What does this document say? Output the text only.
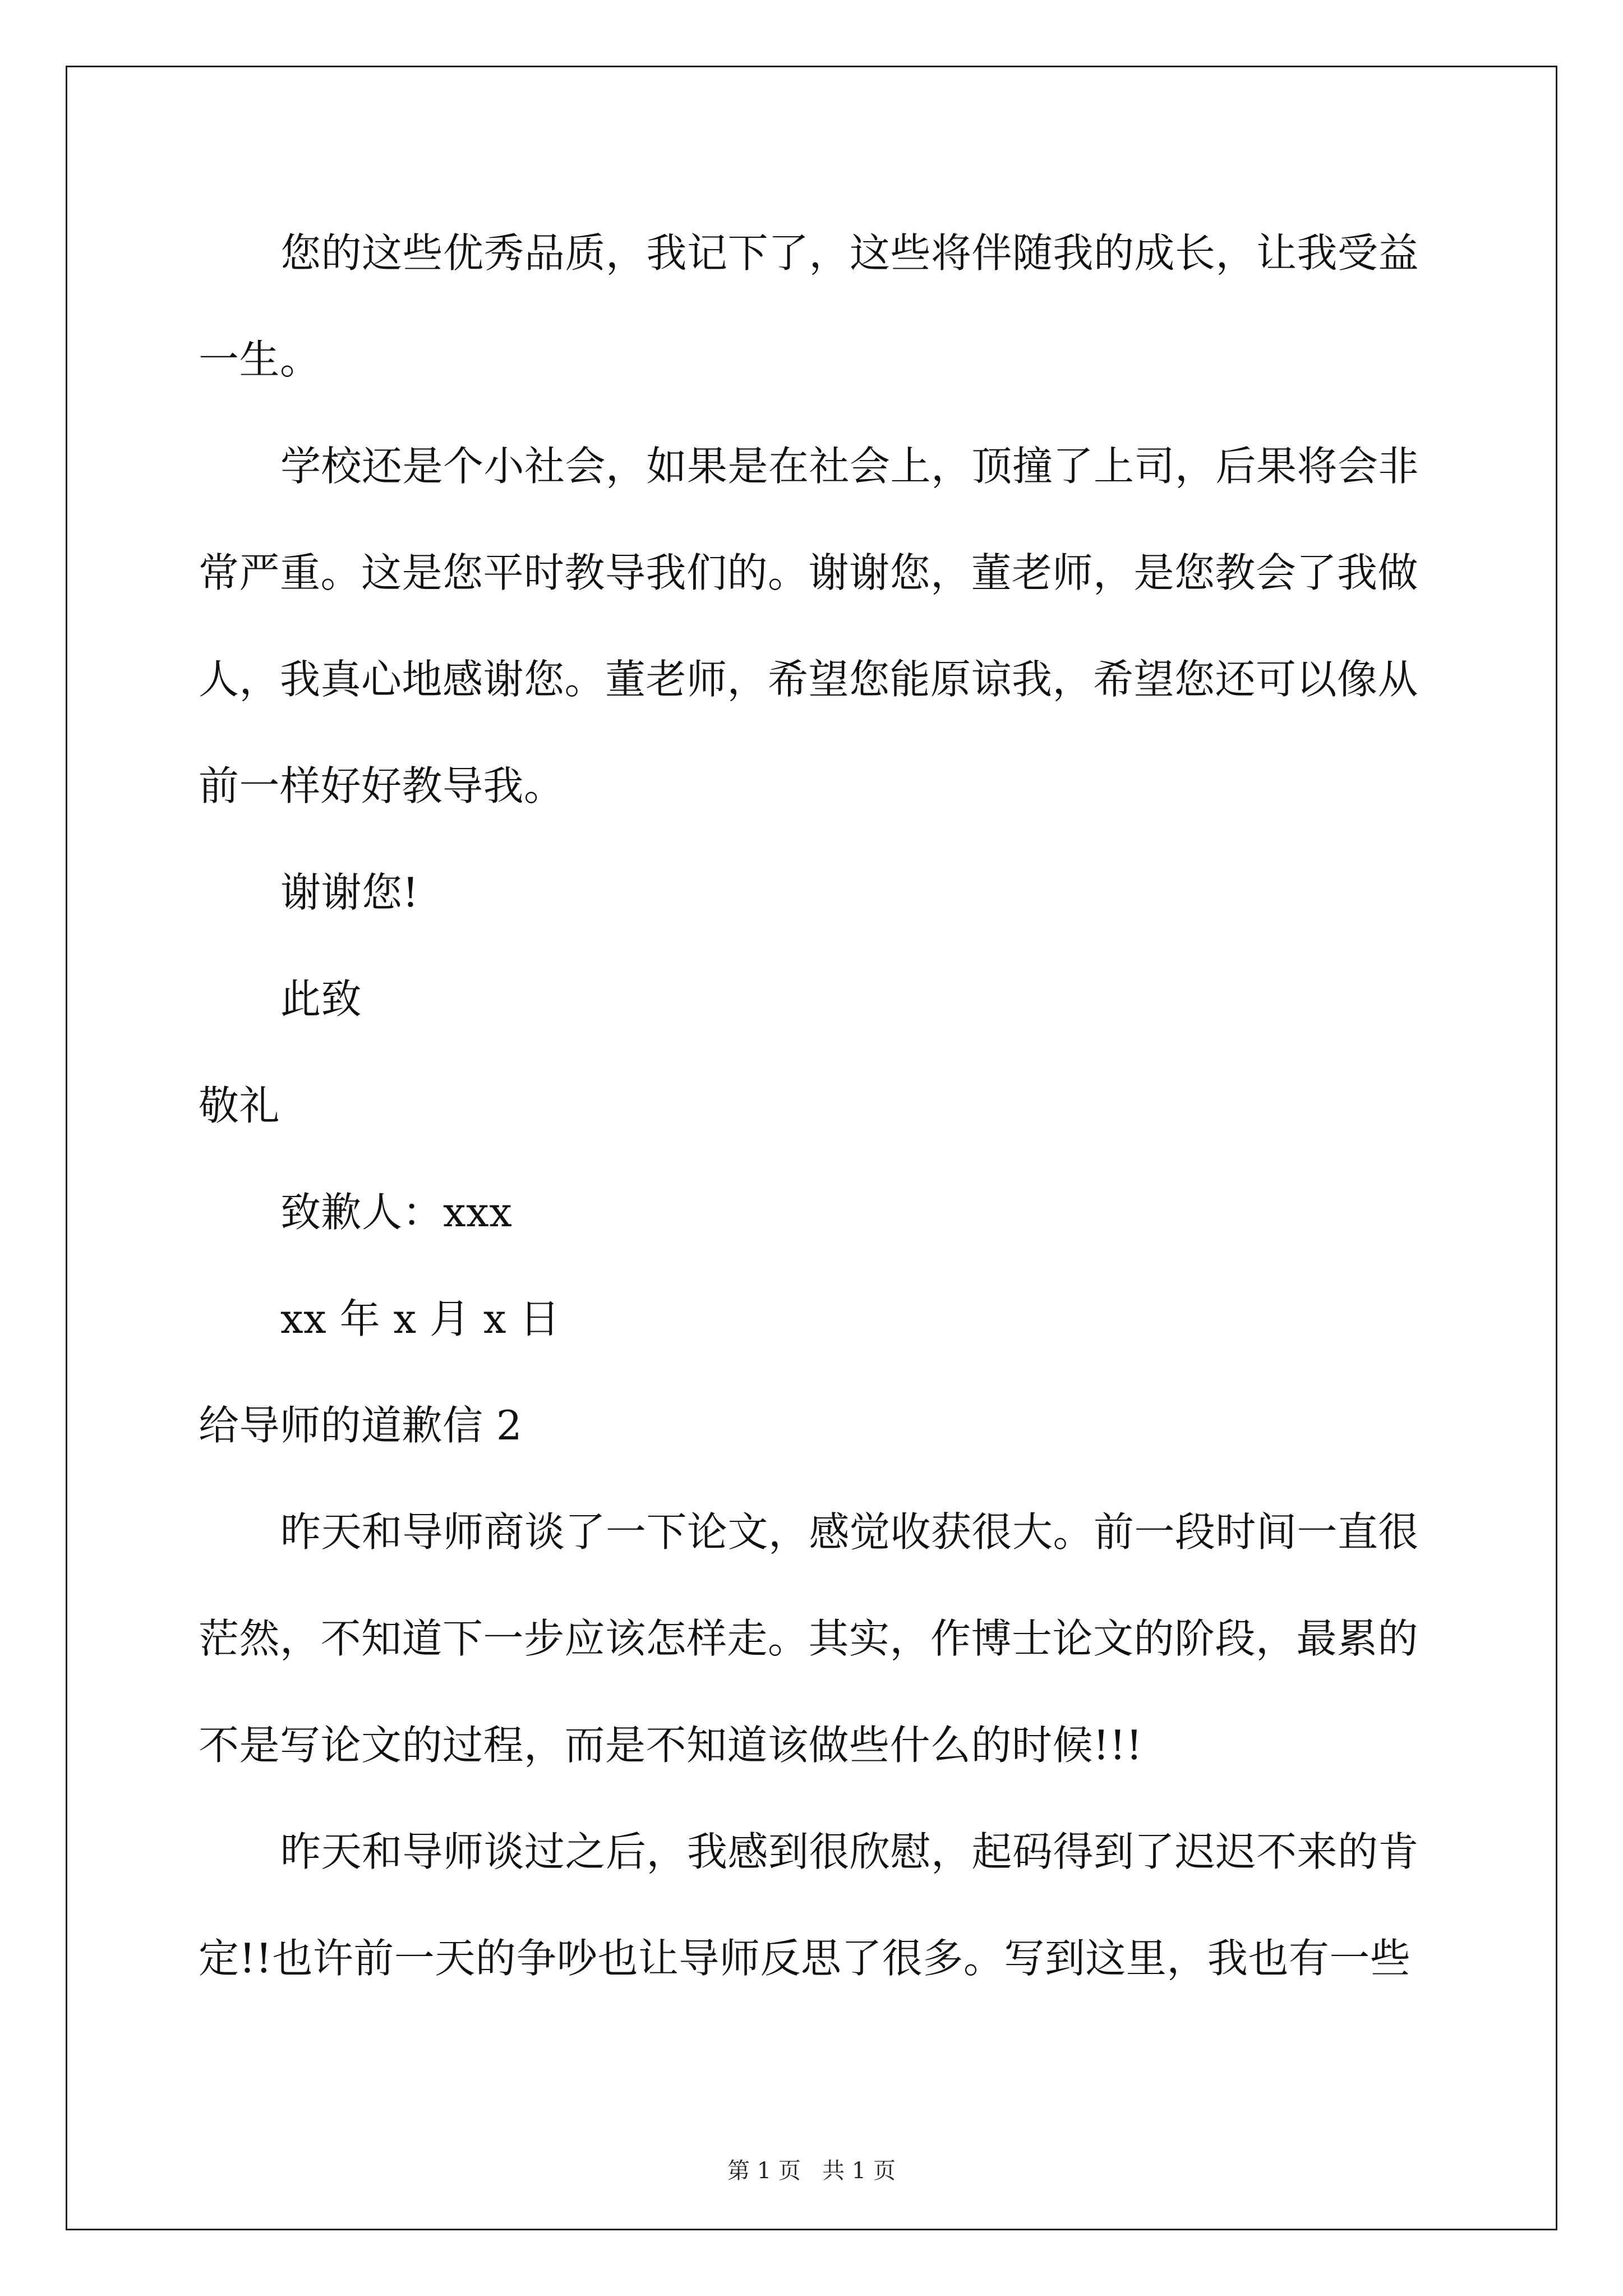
您的这些优秀品质，我记下了，这些将伴随我的成长，让我受益
一生。
学校还是个小社会，如果是在社会上，顶撞了上司，后果将会非
常严重。这是您平时教导我们的。谢谢您，董老师，是您教会了我做
人，我真心地感谢您。董老师，希望您能原谅我，希望您还可以像从
前一样好好教导我。
谢谢您!
此致
敬礼
致歉人：xxx
xx 年 x 月 x 日
给导师的道歉信 2
昨天和导师商谈了一下论文，感觉收获很大。前一段时间一直很
茫然，不知道下一步应该怎样走。其实，作博士论文的阶段，最累的
不是写论文的过程，而是不知道该做些什么的时候!!!
昨天和导师谈过之后，我感到很欣慰，起码得到了迟迟不来的肯
定!!也许前一天的争吵也让导师反思了很多。写到这里，我也有一些
第 1 页   共 1 页
